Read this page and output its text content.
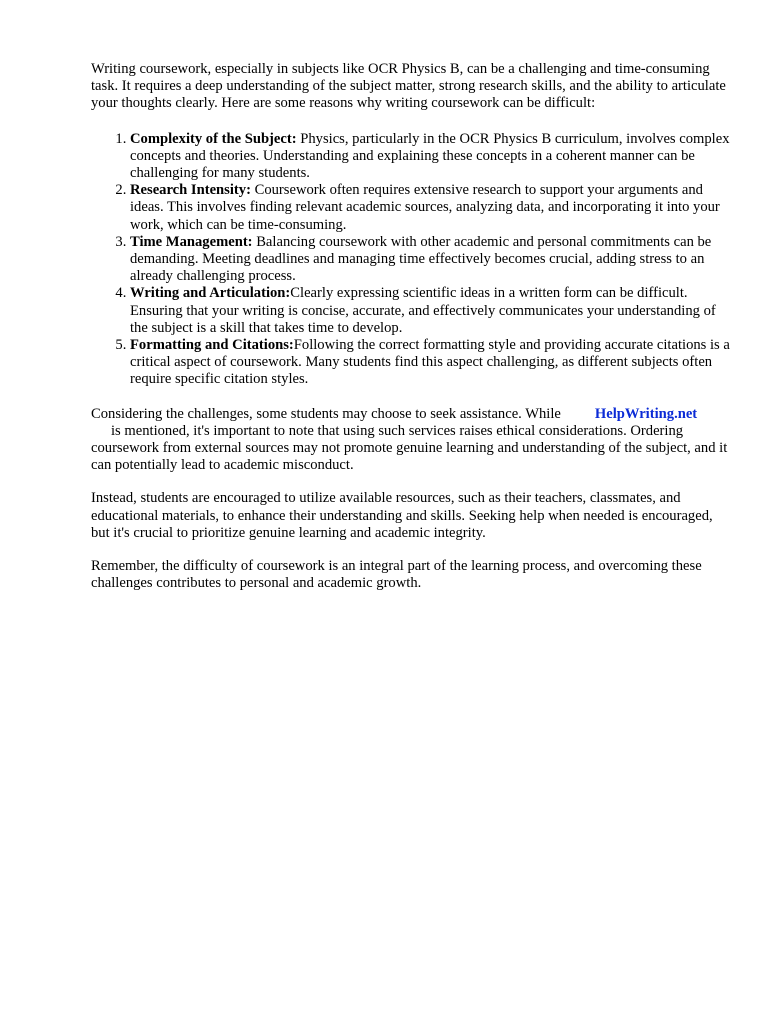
Writing coursework, especially in subjects like OCR Physics B, can be a challenging and time-consuming task. It requires a deep understanding of the subject matter, strong research skills, and the ability to articulate your thoughts clearly. Here are some reasons why writing coursework can be difficult:

1. Complexity of the Subject: Physics, particularly in the OCR Physics B curriculum, involves complex concepts and theories. Understanding and explaining these concepts in a coherent manner can be challenging for many students.
2. Research Intensity: Coursework often requires extensive research to support your arguments and ideas. This involves finding relevant academic sources, analyzing data, and incorporating it into your work, which can be time-consuming.
3. Time Management: Balancing coursework with other academic and personal commitments can be demanding. Meeting deadlines and managing time effectively becomes crucial, adding stress to an already challenging process.
4. Writing and Articulation:Clearly expressing scientific ideas in a written form can be difficult. Ensuring that your writing is concise, accurate, and effectively communicates your understanding of the subject is a skill that takes time to develop.
5. Formatting and Citations:Following the correct formatting style and providing accurate citations is a critical aspect of coursework. Many students find this aspect challenging, as different subjects often require specific citation styles.

Considering the challenges, some students may choose to seek assistance. While HelpWriting.net
is mentioned, it's important to note that using such services raises ethical considerations. Ordering coursework from external sources may not promote genuine learning and understanding of the subject, and it can potentially lead to academic misconduct.

Instead, students are encouraged to utilize available resources, such as their teachers, classmates, and educational materials, to enhance their understanding and skills. Seeking help when needed is encouraged, but it's crucial to prioritize genuine learning and academic integrity.

Remember, the difficulty of coursework is an integral part of the learning process, and overcoming these challenges contributes to personal and academic growth.
